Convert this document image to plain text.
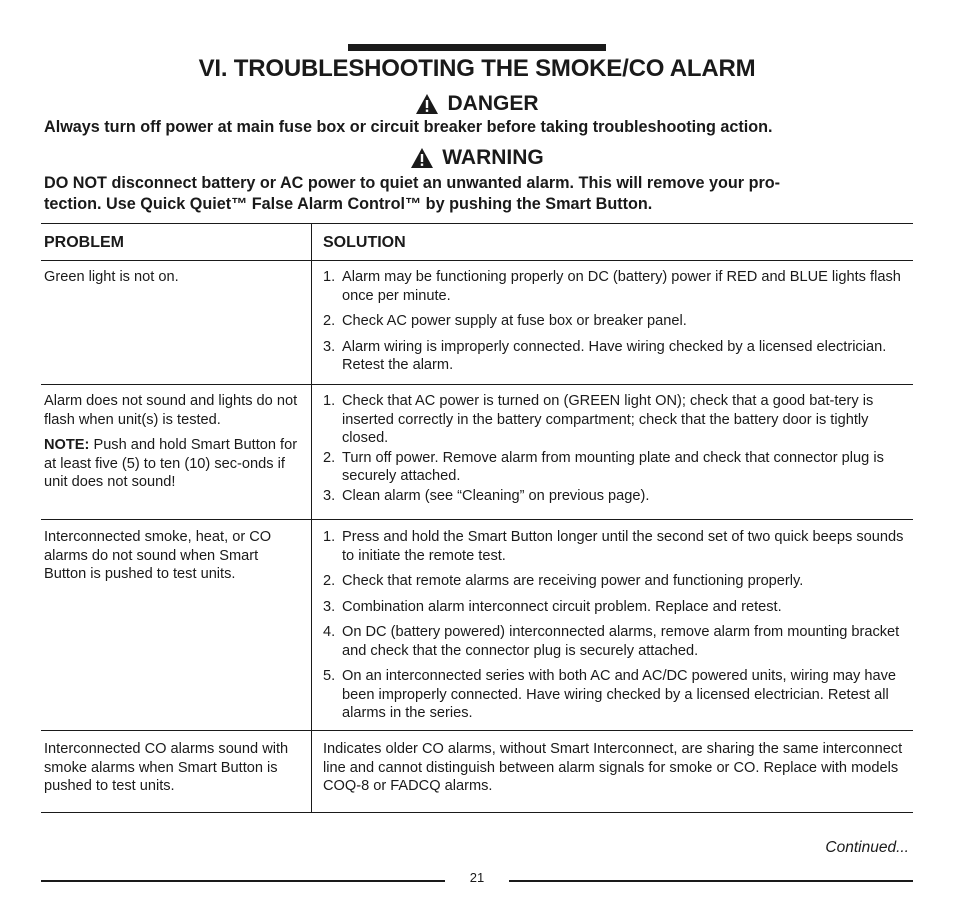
VI. TROUBLESHOOTING THE SMOKE/CO ALARM
DANGER
Always turn off power at main fuse box or circuit breaker before taking troubleshooting action.
WARNING
DO NOT disconnect battery or AC power to quiet an unwanted alarm. This will remove your pro-
tection. Use Quick Quiet™ False Alarm Control™ by pushing the Smart Button.
PROBLEM	SOLUTION
Green light is not on.	1. Alarm may be functioning properly on DC (battery) power if RED and BLUE lights flash once per minute.
2. Check AC power supply at fuse box or breaker panel.
3. Alarm wiring is improperly connected. Have wiring checked by a licensed electrician. Retest the alarm.

Alarm does not sound and lights do not flash when unit(s) is tested.

NOTE: Push and hold Smart Button for at least five (5) to ten (10) sec-onds if unit does not sound!

1. Check that AC power is turned on (GREEN light ON); check that a good bat-tery is inserted correctly in the battery compartment; check that the battery door is tightly closed.
2. Turn off power. Remove alarm from mounting plate and check that connector plug is securely attached.
3. Clean alarm (see “Cleaning” on previous page).
Interconnected smoke, heat, or CO alarms do not sound when Smart Button is pushed to test units.
1. Press and hold the Smart Button longer until the second set of two quick beeps sounds to initiate the remote test.
2. Check that remote alarms are receiving power and functioning properly.
3. Combination alarm interconnect circuit problem. Replace and retest.
4. On DC (battery powered) interconnected alarms, remove alarm from mounting bracket and check that the connector plug is securely attached.
5. On an interconnected series with both AC and AC/DC powered units, wiring may have been improperly connected. Have wiring checked by a licensed electrician. Retest all alarms in the series.
Interconnected CO alarms sound with smoke alarms when Smart Button is pushed to test units.
Indicates older CO alarms, without Smart Interconnect, are sharing the same interconnect line and cannot distinguish between alarm signals for smoke or CO. Replace with models COQ-8 or FADCQ alarms.
Continued...
21
